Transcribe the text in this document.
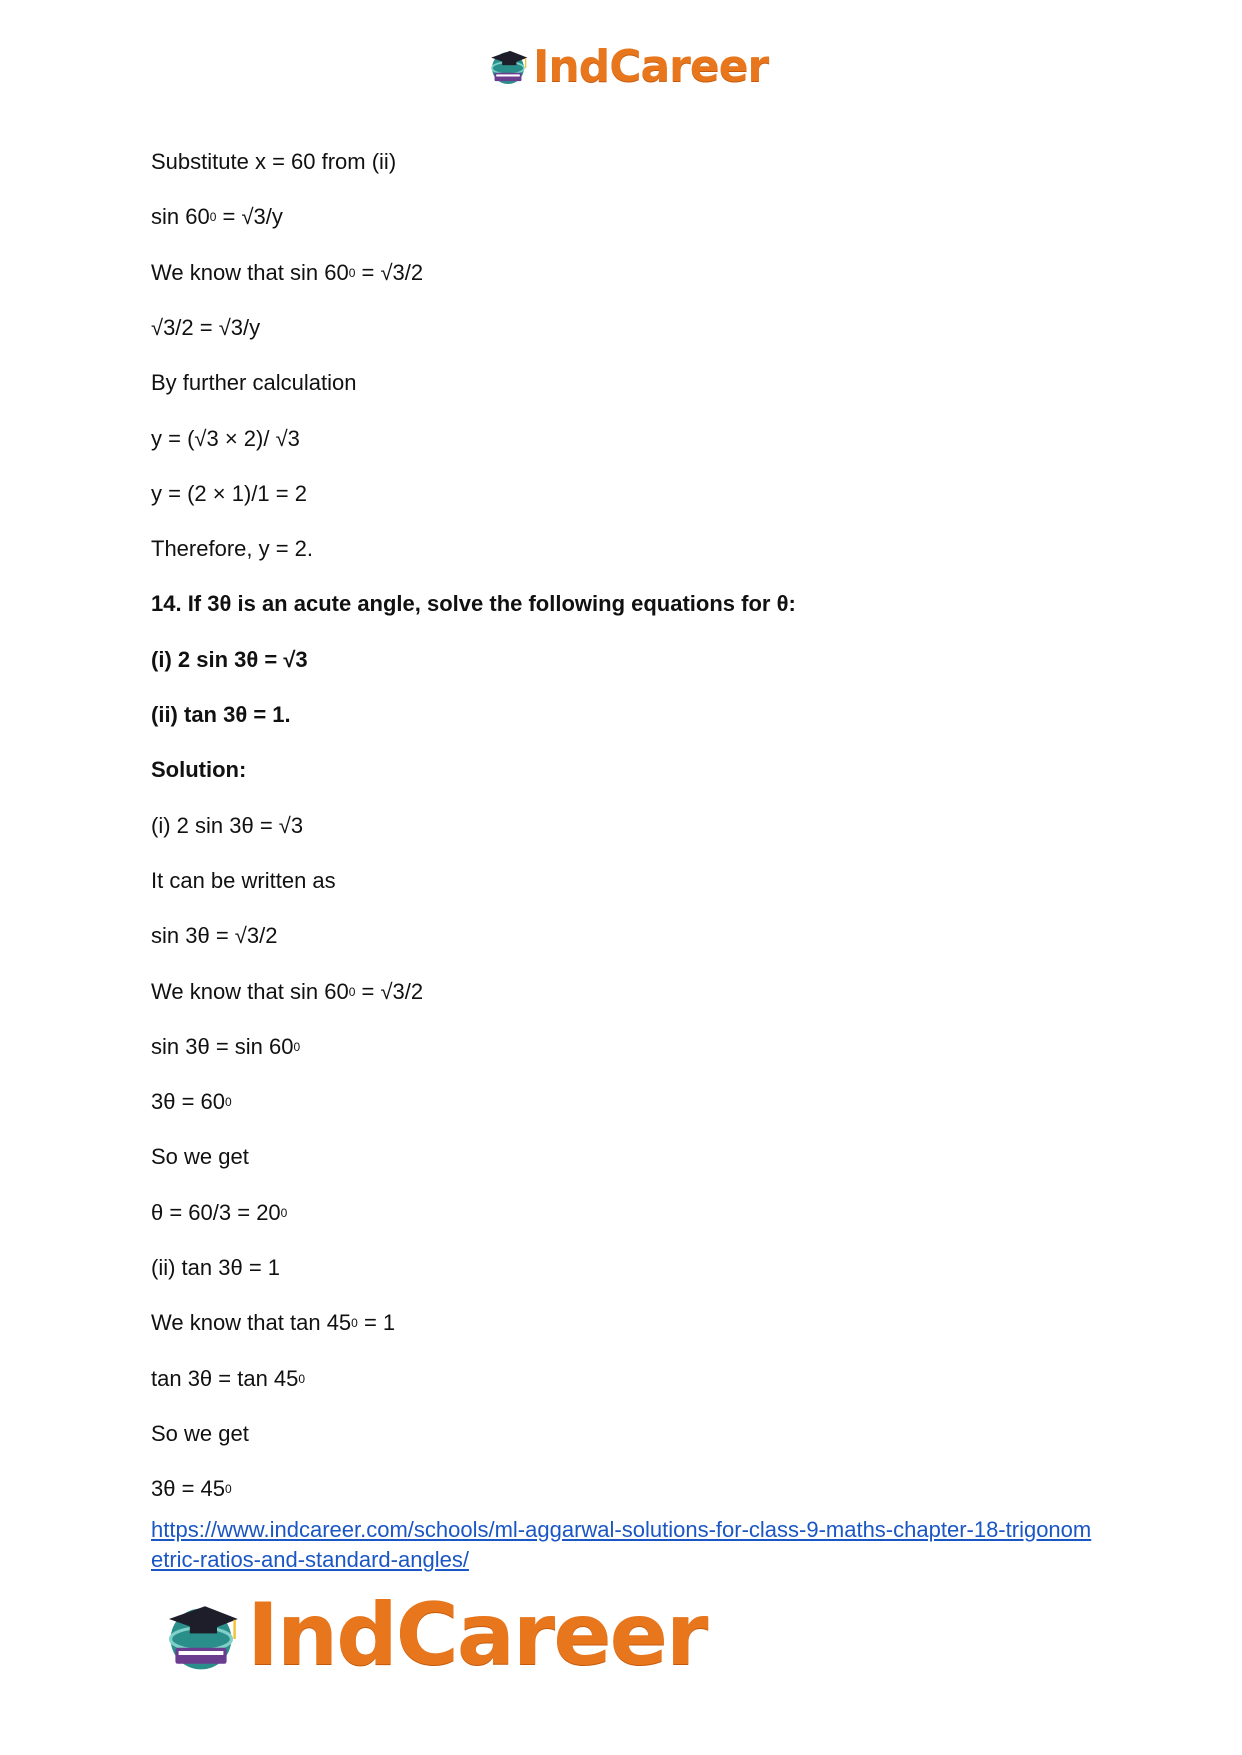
IndCareer

Substitute x = 60 from (ii)

$\sin 60^0 = √3/y$

We know that $\sin 60^0 = √3/2$

√3/2 = √3/y

By further calculation

y = (√3 × 2)/ √3

y = (2 × 1)/1 = 2

Therefore, y = 2.

14. If 3θ is an acute angle, solve the following equations for θ:

(i) 2 sin 3θ = √3

(ii) tan 3θ = 1.

Solution:

(i) 2 sin 3θ = √3

It can be written as

sin 3θ = √3/2

We know that $\sin 60^0 = √3/2$

$\sin 3\theta = \sin 60^0$

$3\theta = 60^0$

So we get

$\theta = 60/3 = 20^0$

(ii) tan 3θ = 1

We know that $\tan 45^0 = 1$

$\tan 3\theta = \tan 45^0$

So we get

$3\theta = 45^0$

https://www.indcareer.com/schools/ml-aggarwal-solutions-for-class-9-maths-chapter-18-trigonometric-ratios-and-standard-angles/
IndCareer
